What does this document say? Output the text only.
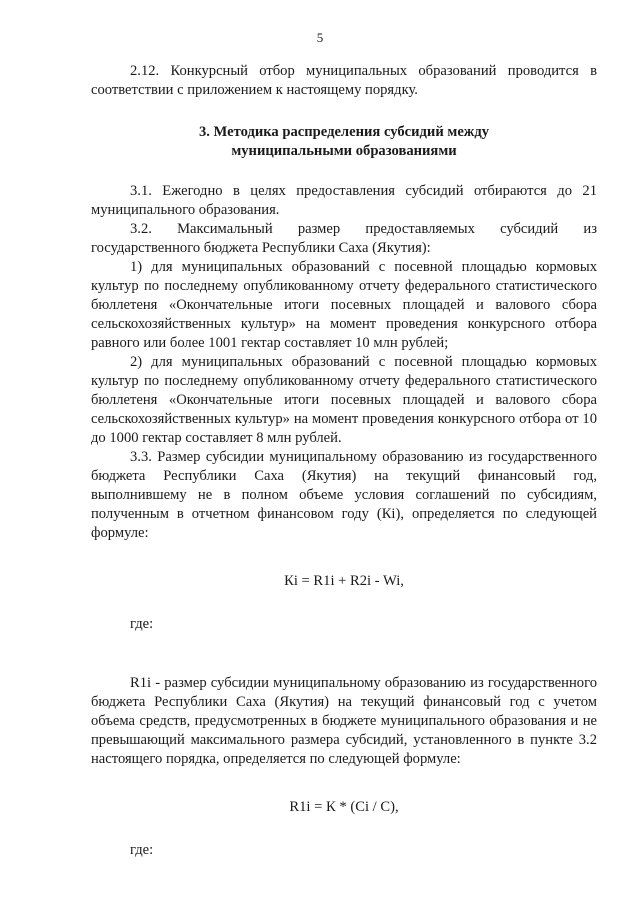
5

2.12. Конкурсный отбор муниципальных образований проводится в соответствии с приложением к настоящему порядку.

3. Методика распределения субсидий между
муниципальными образованиями

3.1. Ежегодно в целях предоставления субсидий отбираются до 21 муниципального образования.

3.2. Максимальный размер предоставляемых субсидий из государственного бюджета Республики Саха (Якутия):

1) для муниципальных образований с посевной площадью кормовых культур по последнему опубликованному отчету федерального статистического бюллетеня «Окончательные итоги посевных площадей и валового сбора сельскохозяйственных культур» на момент проведения конкурсного отбора равного или более 1001 гектар составляет 10 млн рублей;

2) для муниципальных образований с посевной площадью кормовых культур по последнему опубликованному отчету федерального статистического бюллетеня «Окончательные итоги посевных площадей и валового сбора сельскохозяйственных культур» на момент проведения конкурсного отбора от 10 до 1000 гектар составляет 8 млн рублей.

3.3. Размер субсидии муниципальному образованию из государственного бюджета Республики Саха (Якутия) на текущий финансовый год, выполнившему не в полном объеме условия соглашений по субсидиям, полученным в отчетном финансовом году (Кi), определяется по следующей формуле:

Кi = R1i + R2i - Wi,

где:

R1i - размер субсидии муниципальному образованию из государственного бюджета Республики Саха (Якутия) на текущий финансовый год с учетом объема средств, предусмотренных в бюджете муниципального образования и не превышающий максимального размера субсидий, установленного в пункте 3.2 настоящего порядка, определяется по следующей формуле:

R1i = К * (Ci / С),

где:
